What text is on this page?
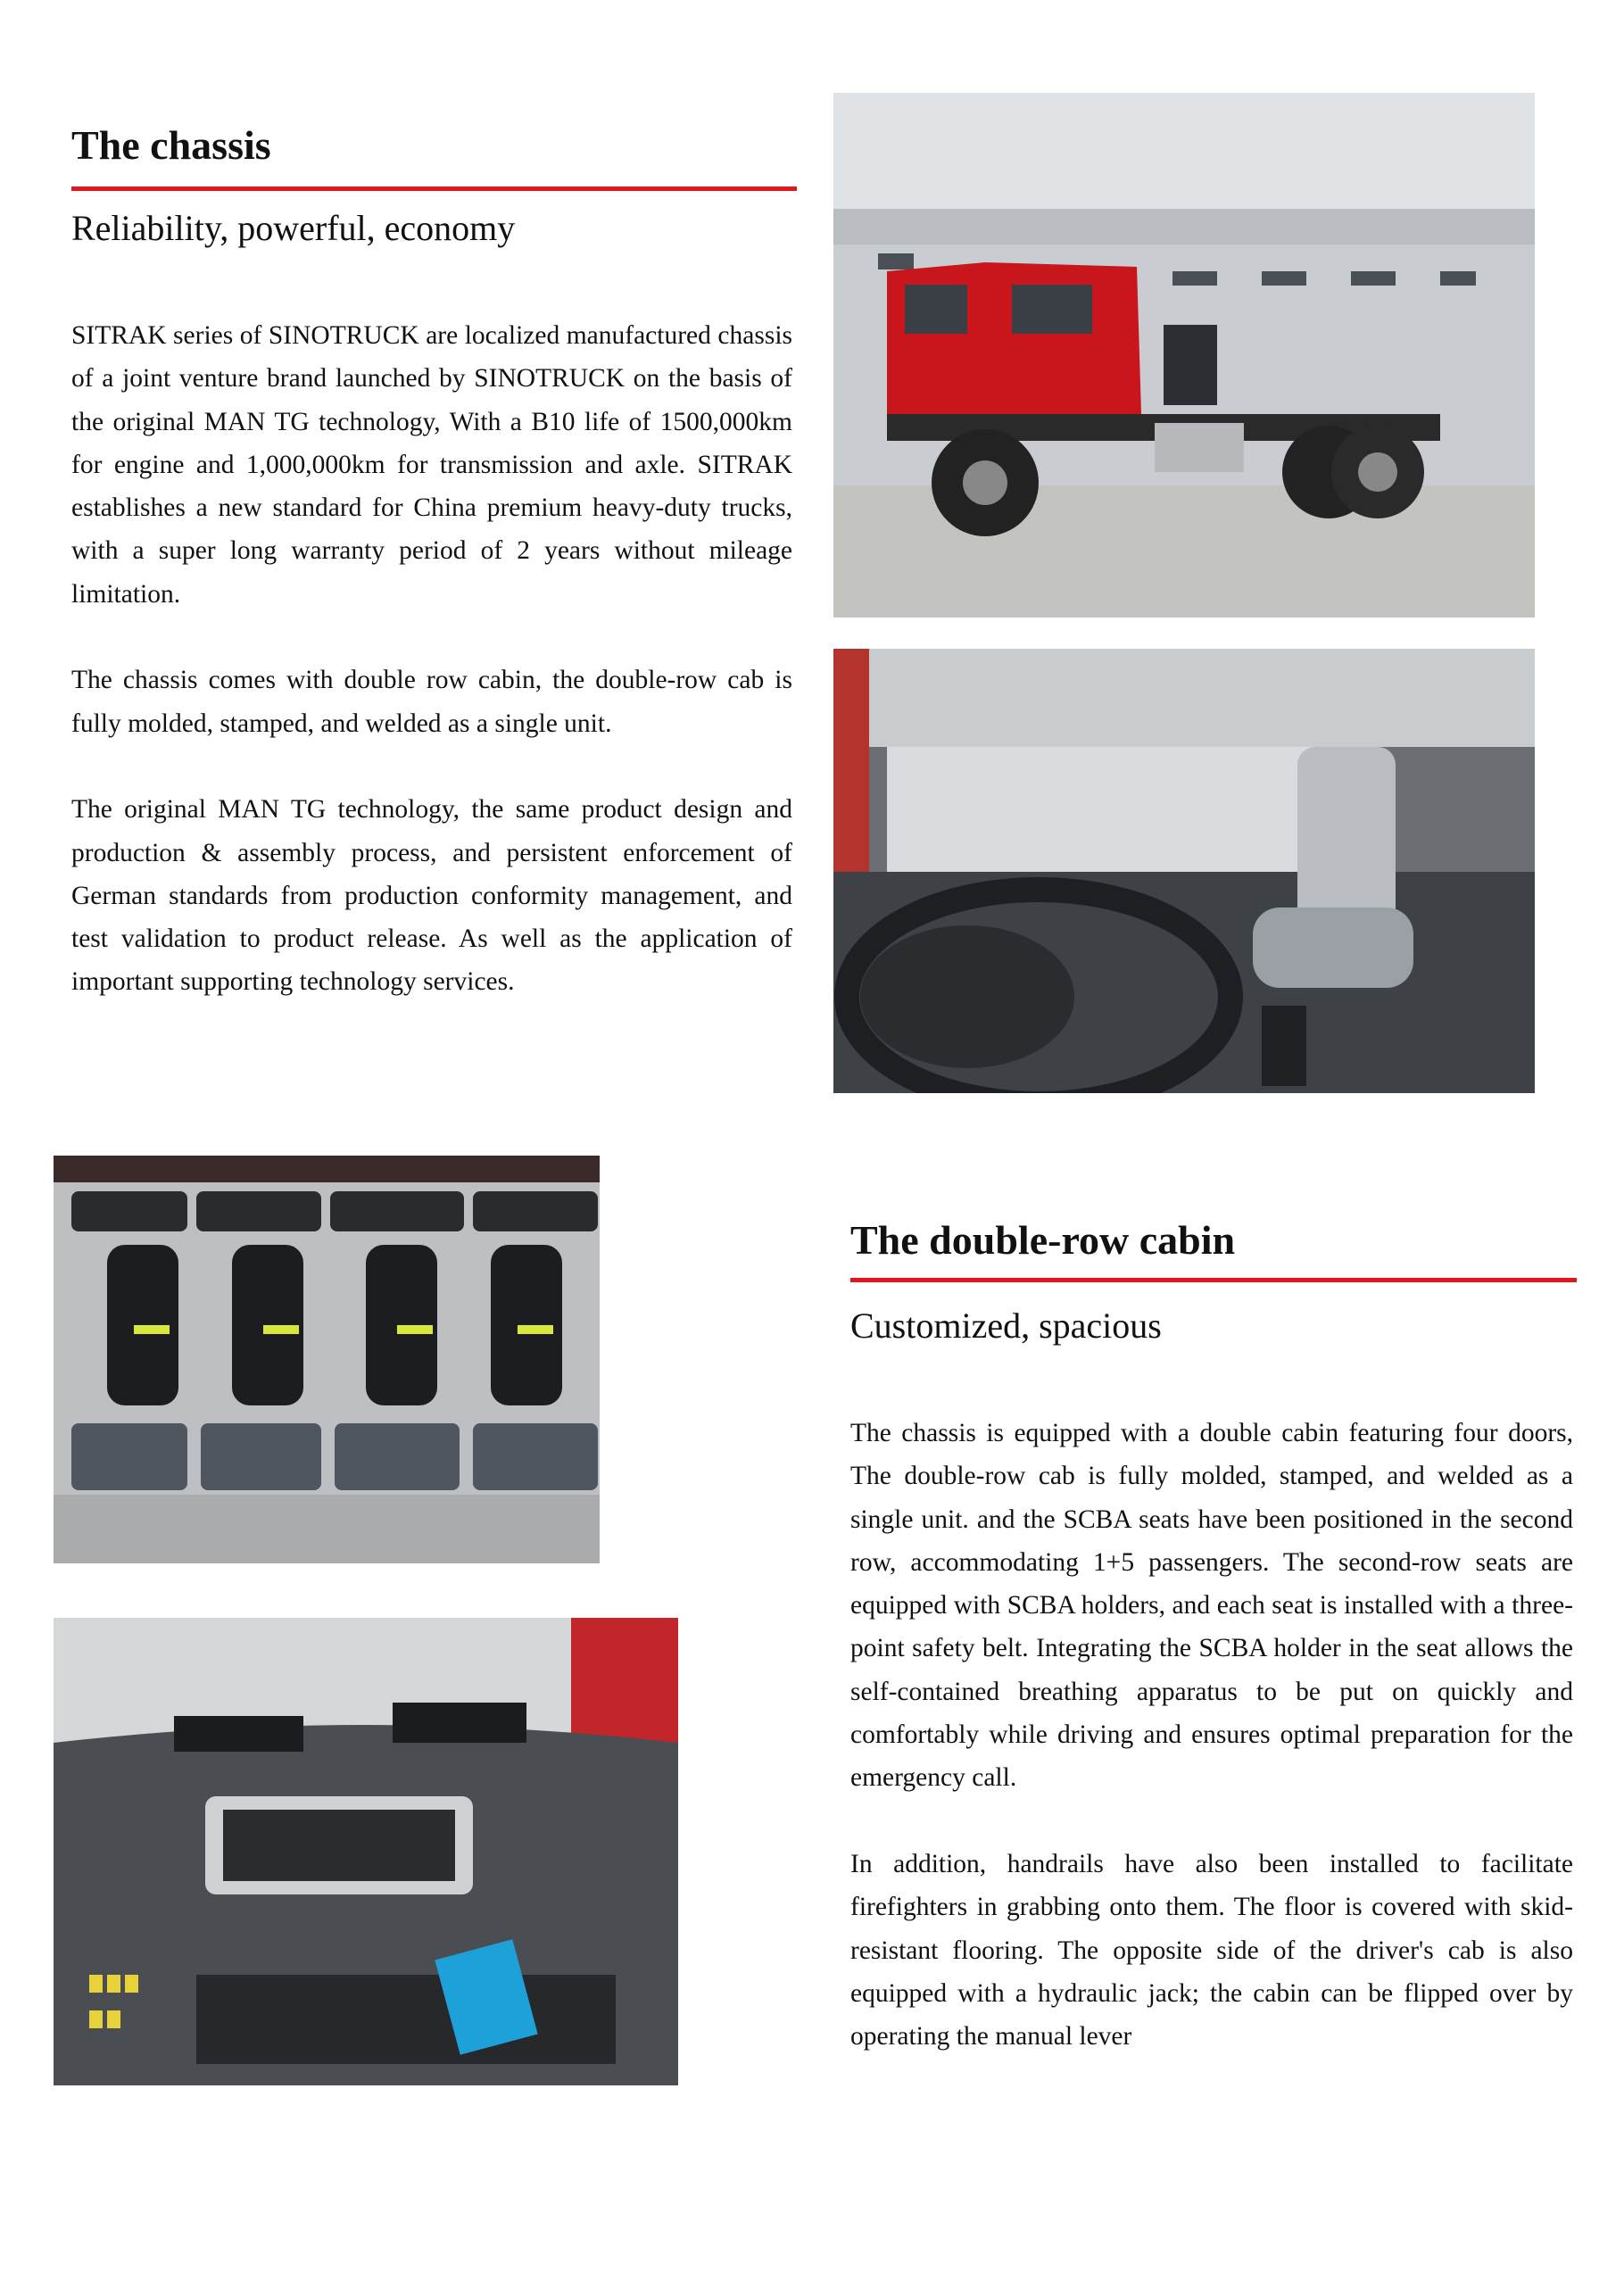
The chassis
Reliability, powerful, economy

SITRAK series of SINOTRUCK are localized manufactured chassis of a joint venture brand launched by SINOTRUCK on the basis of the original MAN TG technology, With a B10 life of 1500,000km for engine and 1,000,000km for transmission and axle. SITRAK establishes a new standard for China premium heavy-duty trucks, with a super long warranty period of 2 years without mileage limitation.

The chassis comes with double row cabin, the double-row cab is fully molded, stamped, and welded as a single unit.

The original MAN TG technology, the same product design and production & assembly process, and persistent enforcement of German standards from production conformity management, and test validation to product release. As well as the application of important supporting technology services.

The double-row cabin
Customized, spacious

The chassis is equipped with a double cabin featuring four doors, The double-row cab is fully molded, stamped, and welded as a single unit. and the SCBA seats have been positioned in the second row, accommodating 1+5 passengers. The second-row seats are equipped with SCBA holders, and each seat is installed with a three-point safety belt. Integrating the SCBA holder in the seat allows the self-contained breathing apparatus to be put on quickly and comfortably while driving and ensures optimal preparation for the emergency call.

In addition, handrails have also been installed to facilitate firefighters in grabbing onto them. The floor is covered with skid-resistant flooring. The opposite side of the driver's cab is also equipped with a hydraulic jack; the cabin can be flipped over by operating the manual lever
